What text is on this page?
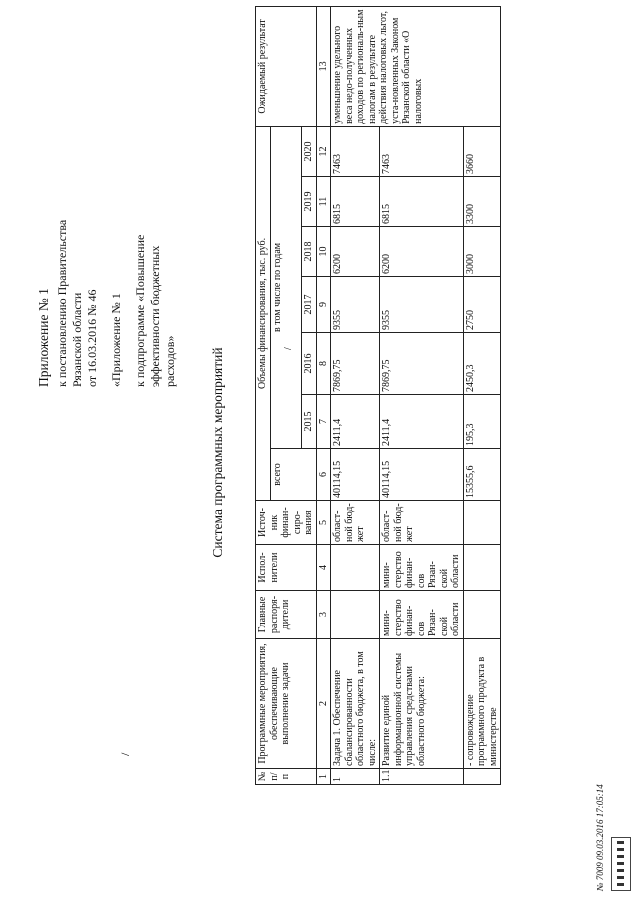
Приложение № 1 к постановлению Правительства Рязанской области от 16.03.2016 № 46 «Приложение № 1 к подпрограмме «Повышение эффективности бюджетных расходов»	/
/
Система программных мероприятий
№ п/п	Программные мероприятия, обеспечивающие выполнение задачи	Главные распоря-дители	Испол-нители	Источ-ник финан-сиро-вания	Объемы финансирования, тыс. руб.							Ожидаемый результат
					всего	в том числе по годам						
						2015	2016	2017	2018	2019	2020	
1	2	3	4	5	6	7	8	9	10	11	12	13
1	Задача 1. Обеспечение сбалансированности областного бюджета, в том числе:			област-ной бюд-жет	40114,15	2411,4	7869,75	9355	6200	6815	7463	уменьшение удельного веса недо-полученных доходов по региональ-ным налогам в результате действия налоговых льгот, уста-новленных Законом Рязанской области «О налоговых
1.1	Развитие единой информационной системы управления средствами областного бюджета:	мини-стерство финан-сов Рязан-ской области	мини-стерство финан-сов Рязан-ской области	област-ной бюд-жет	40114,15	2411,4	7869,75	9355	6200	6815	7463	
	- сопровождение программного продукта в министерстве				15355,6	195,3	2450,3	2750	3000	3300	3660	
№ 7009 09.03.2016 17:05:14
